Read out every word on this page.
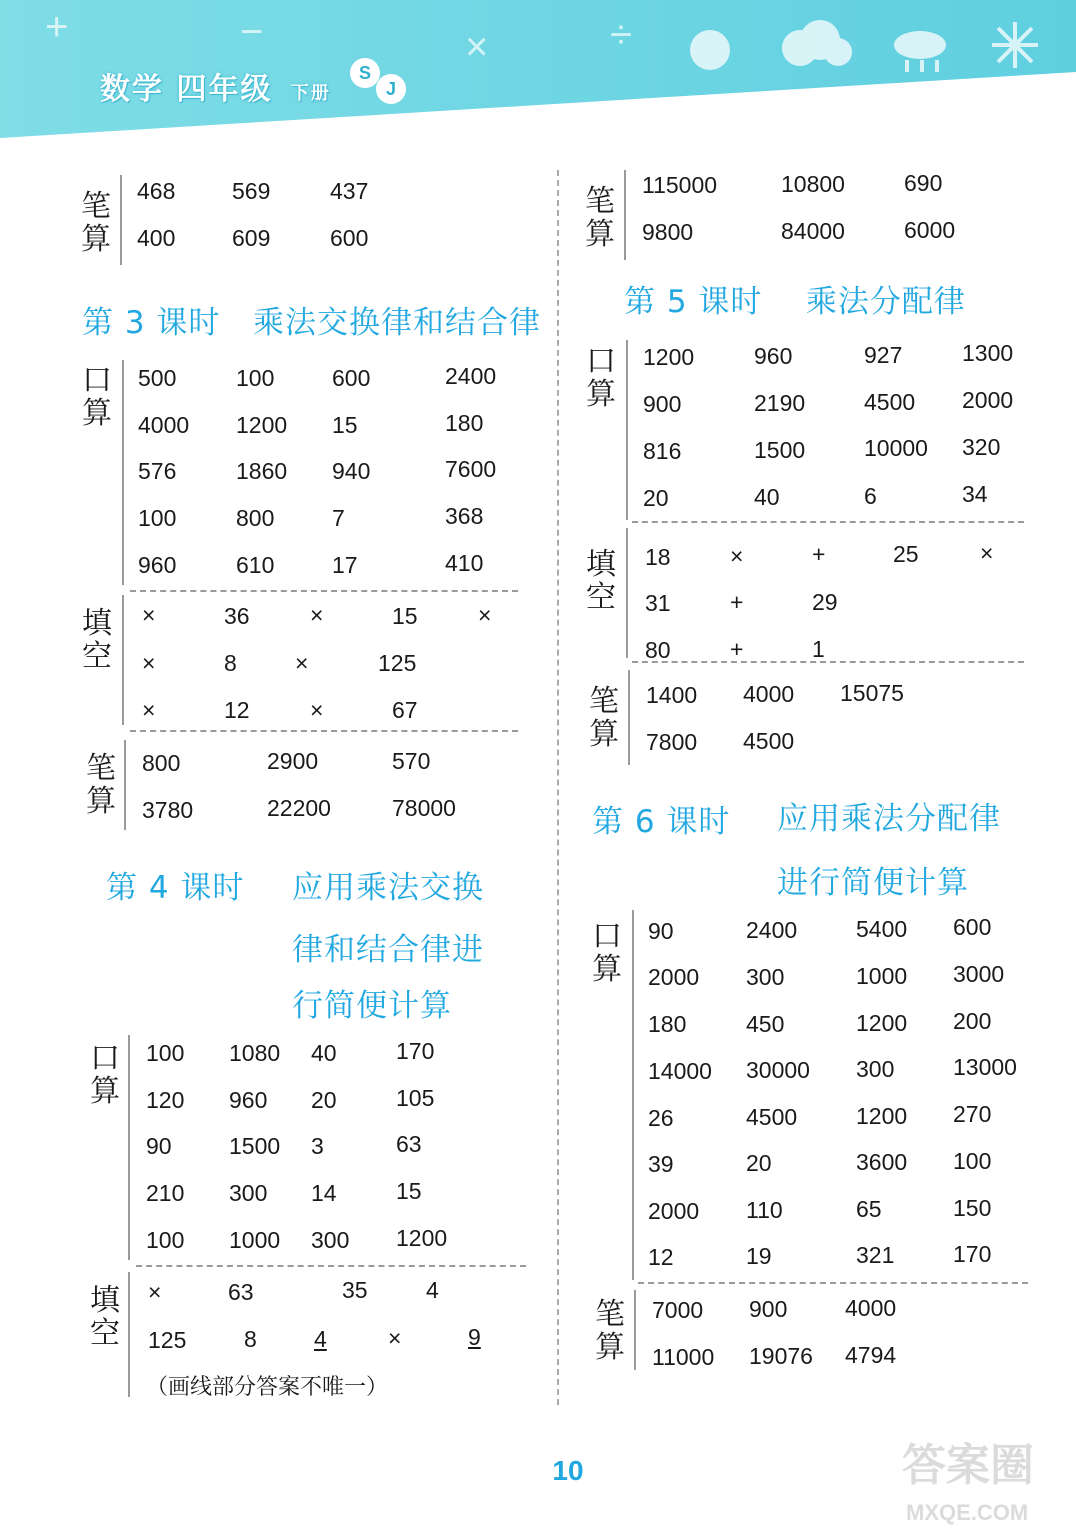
+	−	×	÷
数学 四年级 下册
S
J
笔算
468 569	437
400 609	600
第 3 课时 乘法交换律和结合律
口算
500	100	600	2400
4000 1200 15	180
576	1860 940	7600
100	800	7	368
960	610	17	410
填空
×	36	×	15	×
×	8	×	125
×	12	×	67
笔算
800	2900	570
3780	22200	78000
第 4 课时 应用乘法交换
律和结合律进
行简便计算
口算
100 1080 40	170
120 960 20	105
90 1500 3	63
210 300 14	15
100 1000 300 1200
填空
×	63	35	4
125	8 4	×	9
（画线部分答案不唯一）
笔算
115000	10800	690
9800	84000	6000
第 5 课时 乘法分配律
口算
1200	960	927	1300
900	2190	4500 2000
816	1500	10000 320
20	40	6	34
填空
18	×	+	25	×
31	+	29
80	+	1
笔算
1400 4000 15075
7800 4500
第 6 课时 应用乘法分配律
进行简便计算
口算
90	2400	5400 600
2000 300	1000 3000
180	450	1200 200
14000 30000 300	13000
26	4500	1200 270
39	20	3600 100
2000 110	65	150
12	19	321	170
笔算
7000 900	4000
11000 19076 4794
10	答案圈
MXQE.COM
